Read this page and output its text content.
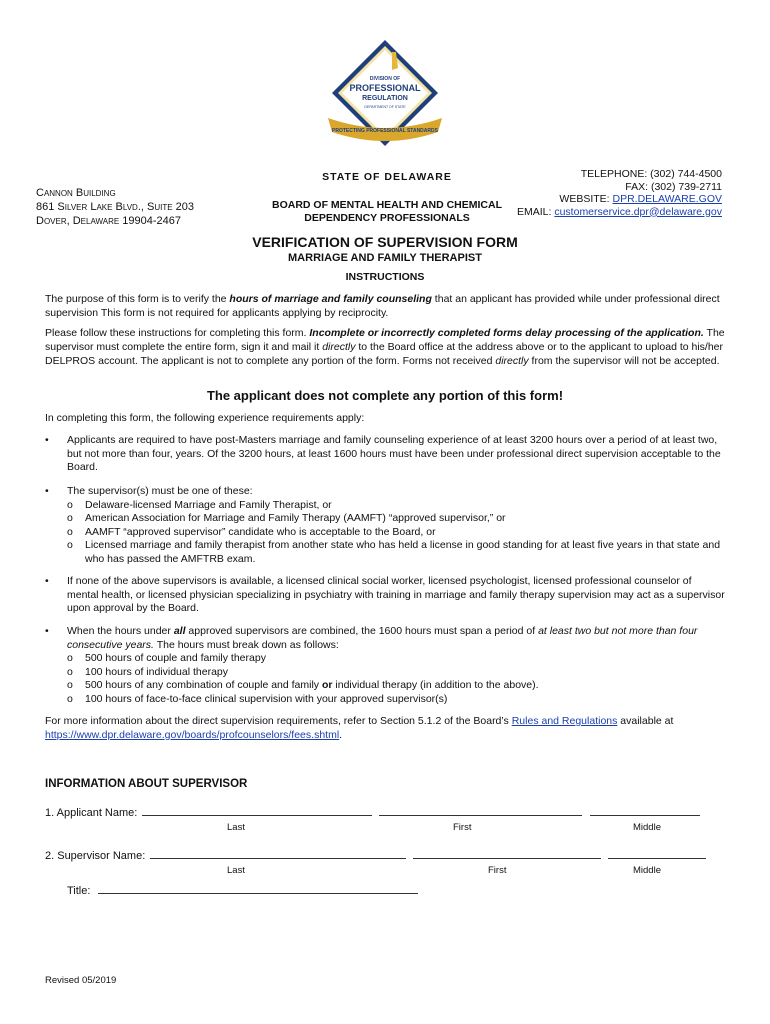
DIVISION OF
PROFESSIONAL
REGULATION
DEPARTMENT OF STATE
PROTECTING PROFESSIONAL STANDARDS
Cannon Building
861 Silver Lake Blvd., Suite 203
Dover, Delaware 19904-2467
STATE OF DELAWARE
BOARD OF MENTAL HEALTH AND CHEMICAL
DEPENDENCY PROFESSIONALS
TELEPHONE: (302) 744-4500
FAX: (302) 739-2711
WEBSITE: DPR.DELAWARE.GOV
EMAIL: customerservice.dpr@delaware.gov
VERIFICATION OF SUPERVISION FORM
MARRIAGE AND FAMILY THERAPIST
INSTRUCTIONS
The purpose of this form is to verify the hours of marriage and family counseling that an applicant has provided while under professional direct supervision This form is not required for applicants applying by reciprocity.
Please follow these instructions for completing this form. Incomplete or incorrectly completed forms delay processing of the application. The supervisor must complete the entire form, sign it and mail it directly to the Board office at the address above or to the applicant to upload to his/her DELPROS account. The applicant is not to complete any portion of the form. Forms not received directly from the supervisor will not be accepted.
The applicant does not complete any portion of this form!
In completing this form, the following experience requirements apply:
• Applicants are required to have post-Masters marriage and family counseling experience of at least 3200 hours over a period of at least two, but not more than four, years. Of the 3200 hours, at least 1600 hours must have been under professional direct supervision acceptable to the Board.
• The supervisor(s) must be one of these:
o Delaware-licensed Marriage and Family Therapist, or
o American Association for Marriage and Family Therapy (AAMFT) “approved supervisor,” or
o AAMFT “approved supervisor” candidate who is acceptable to the Board, or
o Licensed marriage and family therapist from another state who has held a license in good standing for at least five years in that state and who has passed the AMFTRB exam.
• If none of the above supervisors is available, a licensed clinical social worker, licensed psychologist, licensed professional counselor of mental health, or licensed physician specializing in psychiatry with training in marriage and family therapy supervision may act as a supervisor upon approval by the Board.
• When the hours under all approved supervisors are combined, the 1600 hours must span a period of at least two but not more than four consecutive years. The hours must break down as follows:
o 500 hours of couple and family therapy
o 100 hours of individual therapy
o 500 hours of any combination of couple and family or individual therapy (in addition to the above).
o 100 hours of face-to-face clinical supervision with your approved supervisor(s)
For more information about the direct supervision requirements, refer to Section 5.1.2 of the Board’s Rules and Regulations available at https://www.dpr.delaware.gov/boards/profcounselors/fees.shtml.
INFORMATION ABOUT SUPERVISOR
1. Applicant Name:
Last	First	Middle
2. Supervisor Name:
Last	First	Middle
Title:
Revised 05/2019
